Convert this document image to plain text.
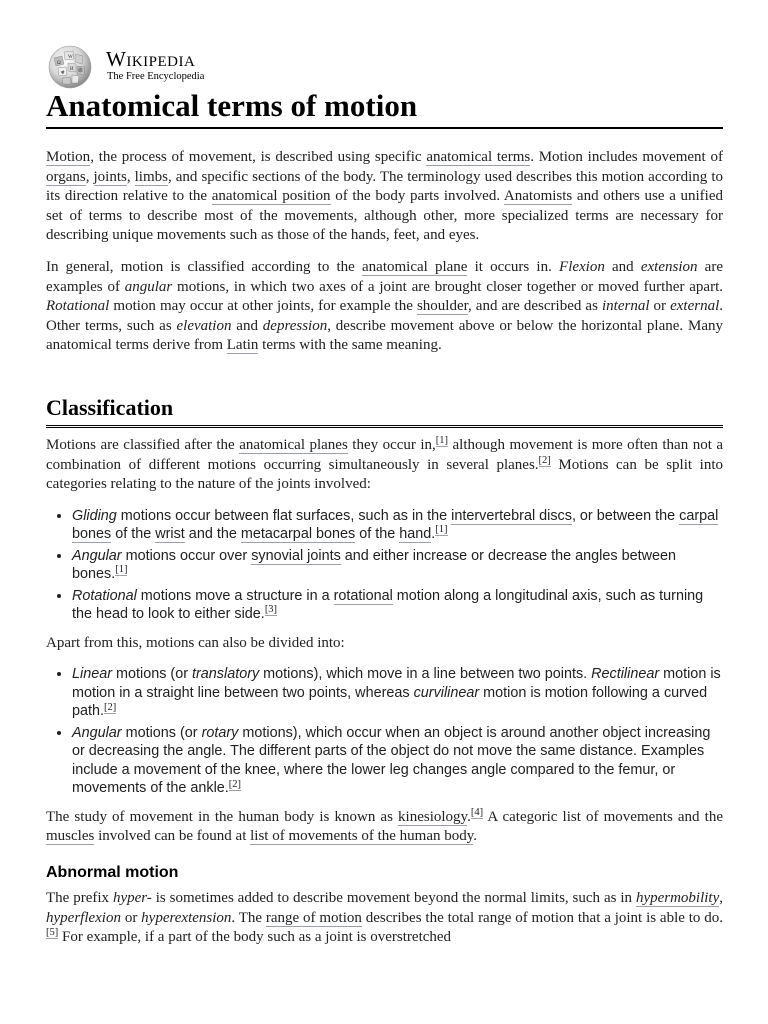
Ω
W
И
ዊ	維
Wikipedia
The Free Encyclopedia
Anatomical terms of motion

Motion, the process of movement, is described using specific anatomical terms. Motion includes movement of organs, joints, limbs, and specific sections of the body. The terminology used describes this motion according to its direction relative to the anatomical position of the body parts involved. Anatomists and others use a unified set of terms to describe most of the movements, although other, more specialized terms are necessary for describing unique movements such as those of the hands, feet, and eyes.

In general, motion is classified according to the anatomical plane it occurs in. Flexion and extension are examples of angular motions, in which two axes of a joint are brought closer together or moved further apart. Rotational motion may occur at other joints, for example the shoulder, and are described as internal or external. Other terms, such as elevation and depression, describe movement above or below the horizontal plane. Many anatomical terms derive from Latin terms with the same meaning.

Classification

Motions are classified after the anatomical planes they occur in,[1] although movement is more often than not a combination of different motions occurring simultaneously in several planes.[2] Motions can be split into categories relating to the nature of the joints involved:

• Gliding motions occur between flat surfaces, such as in the intervertebral discs, or between the carpal bones of the wrist and the metacarpal bones of the hand.[1]
• Angular motions occur over synovial joints and either increase or decrease the angles between bones.[1]
• Rotational motions move a structure in a rotational motion along a longitudinal axis, such as turning the head to look to either side.[3]

Apart from this, motions can also be divided into:

• Linear motions (or translatory motions), which move in a line between two points. Rectilinear motion is motion in a straight line between two points, whereas curvilinear motion is motion following a curved path.[2]
• Angular motions (or rotary motions), which occur when an object is around another object increasing or decreasing the angle. The different parts of the object do not move the same distance. Examples include a movement of the knee, where the lower leg changes angle compared to the femur, or movements of the ankle.[2]

The study of movement in the human body is known as kinesiology.[4] A categoric list of movements and the muscles involved can be found at list of movements of the human body.

Abnormal motion

The prefix hyper- is sometimes added to describe movement beyond the normal limits, such as in hypermobility, hyperflexion or hyperextension. The range of motion describes the total range of motion that a joint is able to do.[5] For example, if a part of the body such as a joint is overstretched
